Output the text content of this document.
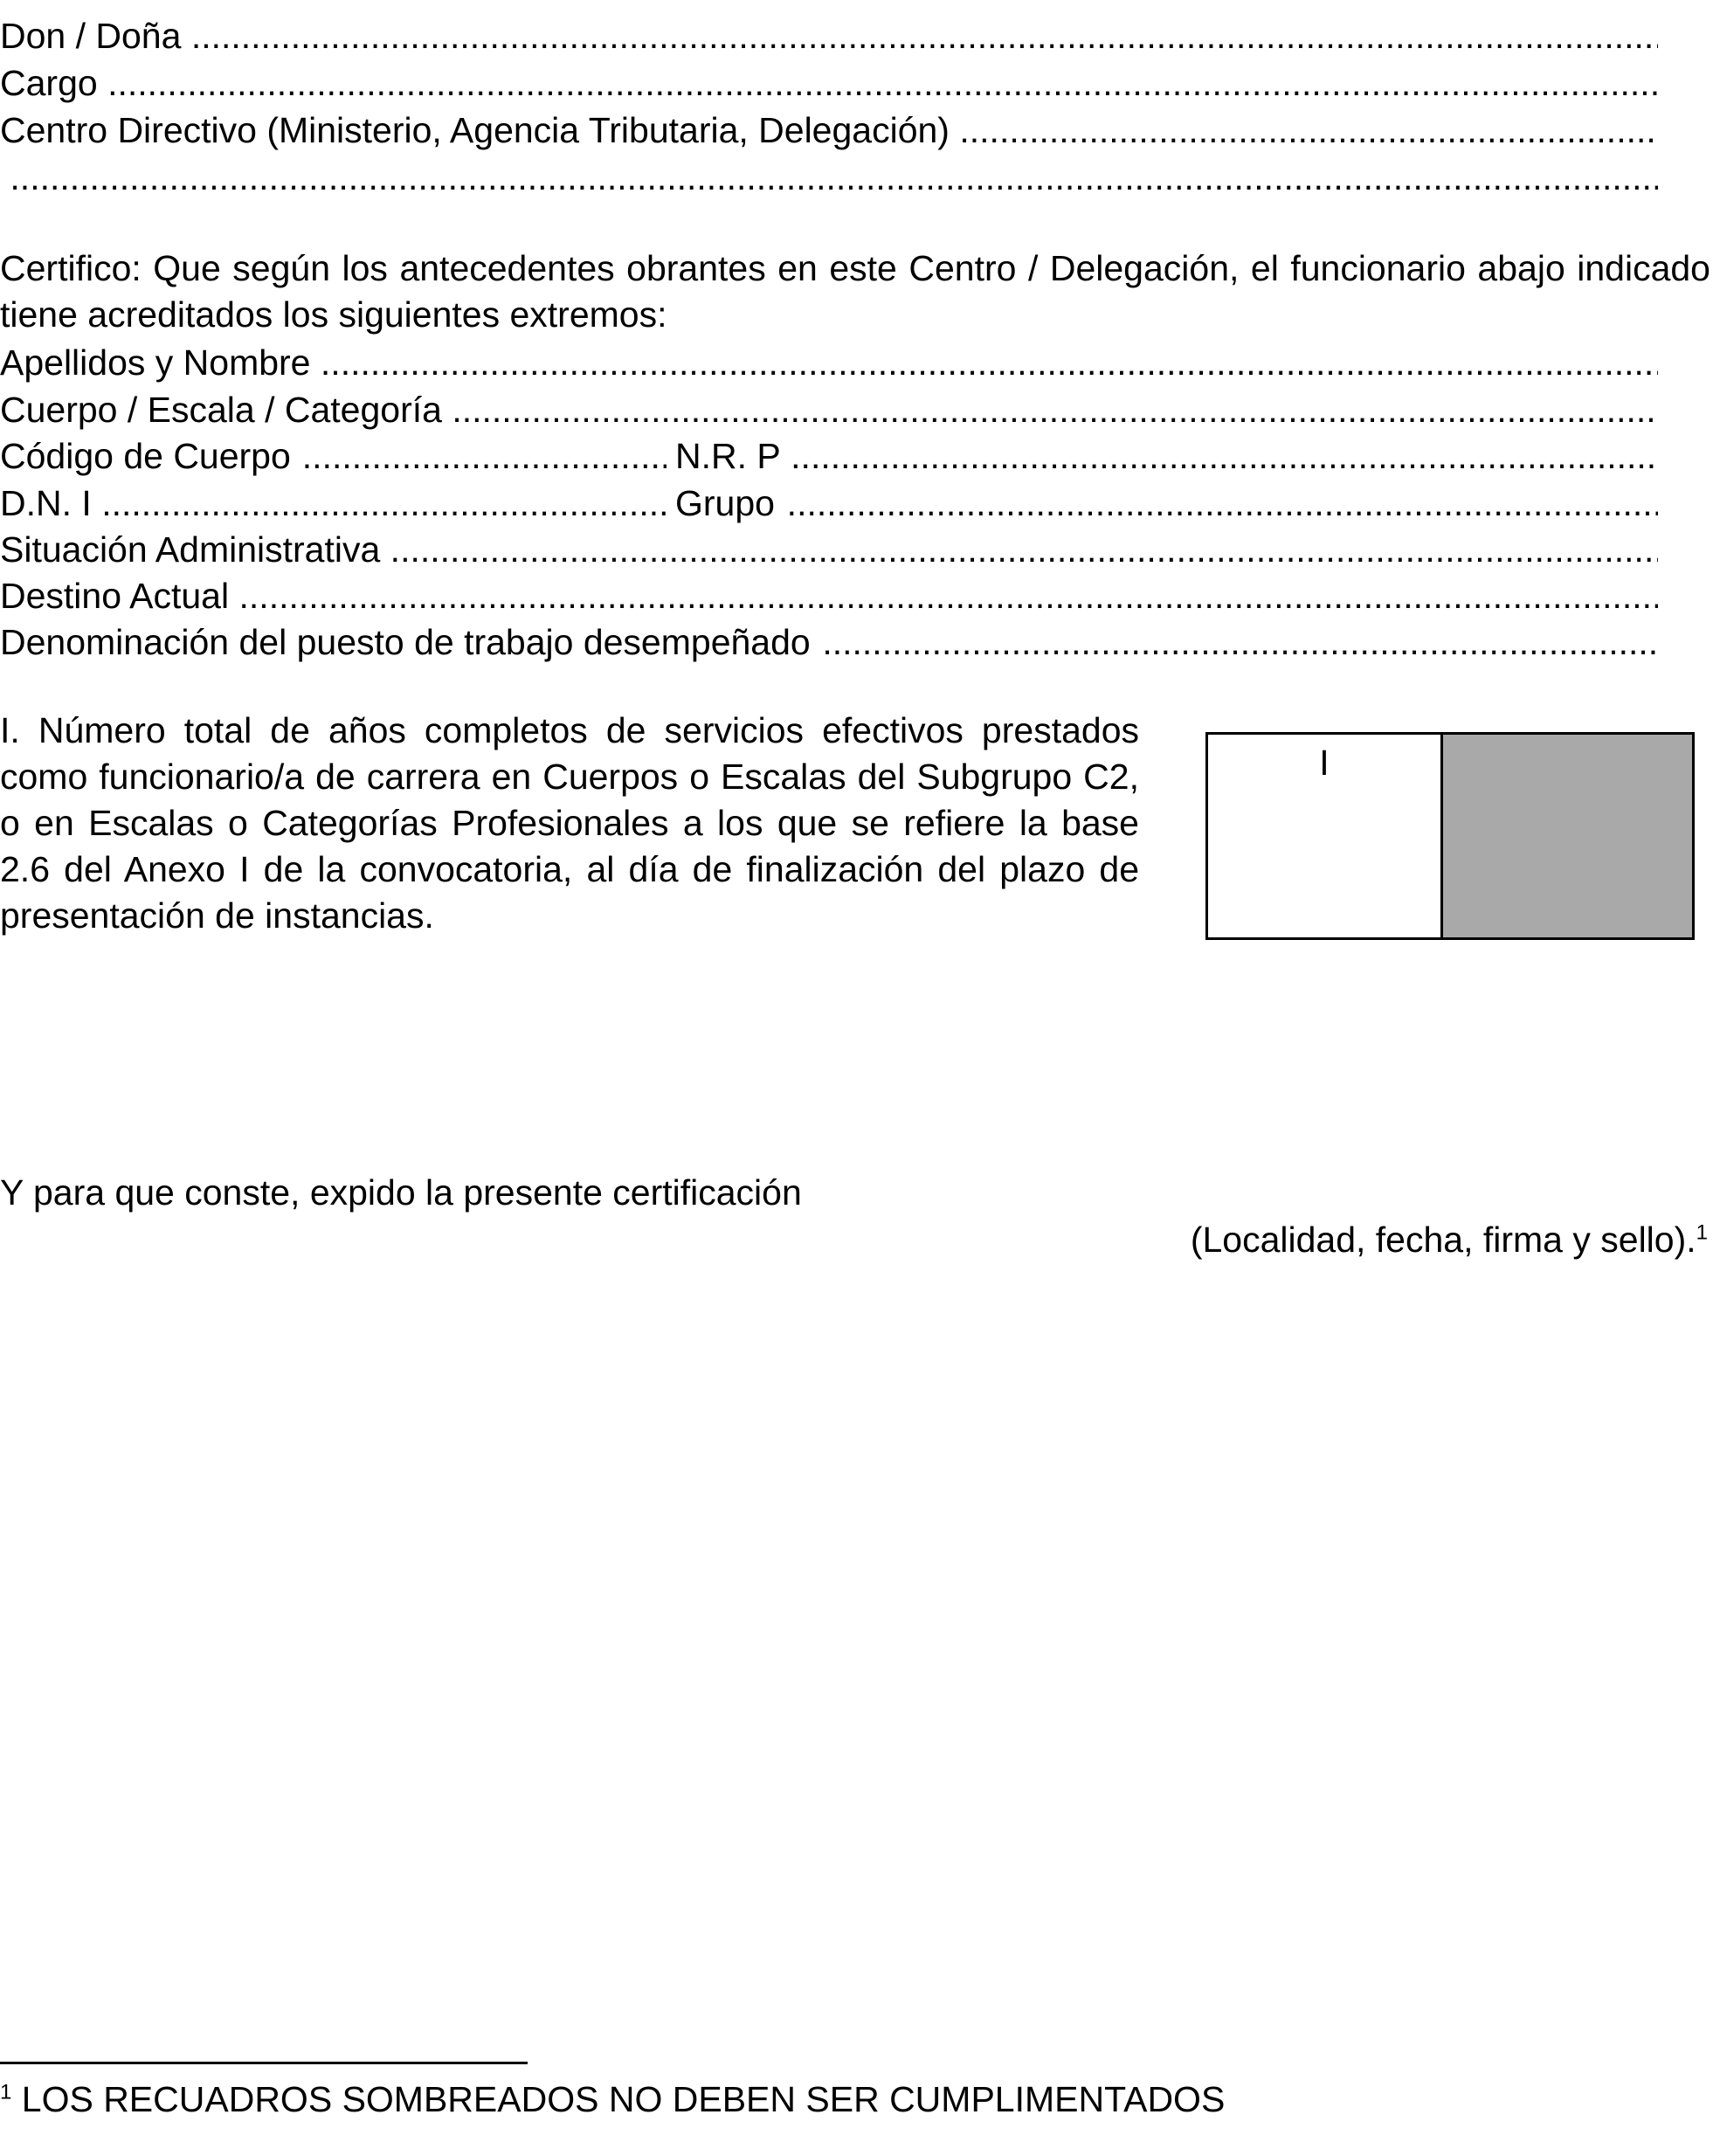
Don / Doña
.....
Cargo
.....
Centro Directivo (Ministerio, Agencia Tributaria, Delegación)
.....
.....
Certifico: Que según los antecedentes obrantes en este Centro / Delegación, el funcionario abajo indicado tiene acreditados los siguientes extremos:
Apellidos y Nombre
.....
Cuerpo / Escala / Categoría
.....
Código de Cuerpo .....	N.R. P
.....
D.N. I .....	Grupo
.....
Situación Administrativa
.....
Destino Actual
.....
Denominación del puesto de trabajo desempeñado
.....
I. Número total de años completos de servicios efectivos prestados como funcionario/a de carrera en Cuerpos o Escalas del Subgrupo C2, o en Escalas o Categorías Profesionales a los que se refiere la base 2.6 del Anexo I de la convocatoria, al día de finalización del plazo de presentación de instancias.
I
Y para que conste, expido la presente certificación
(Localidad, fecha, firma y sello).$^1$
$^1$ LOS RECUADROS SOMBREADOS NO DEBEN SER CUMPLIMENTADOS
